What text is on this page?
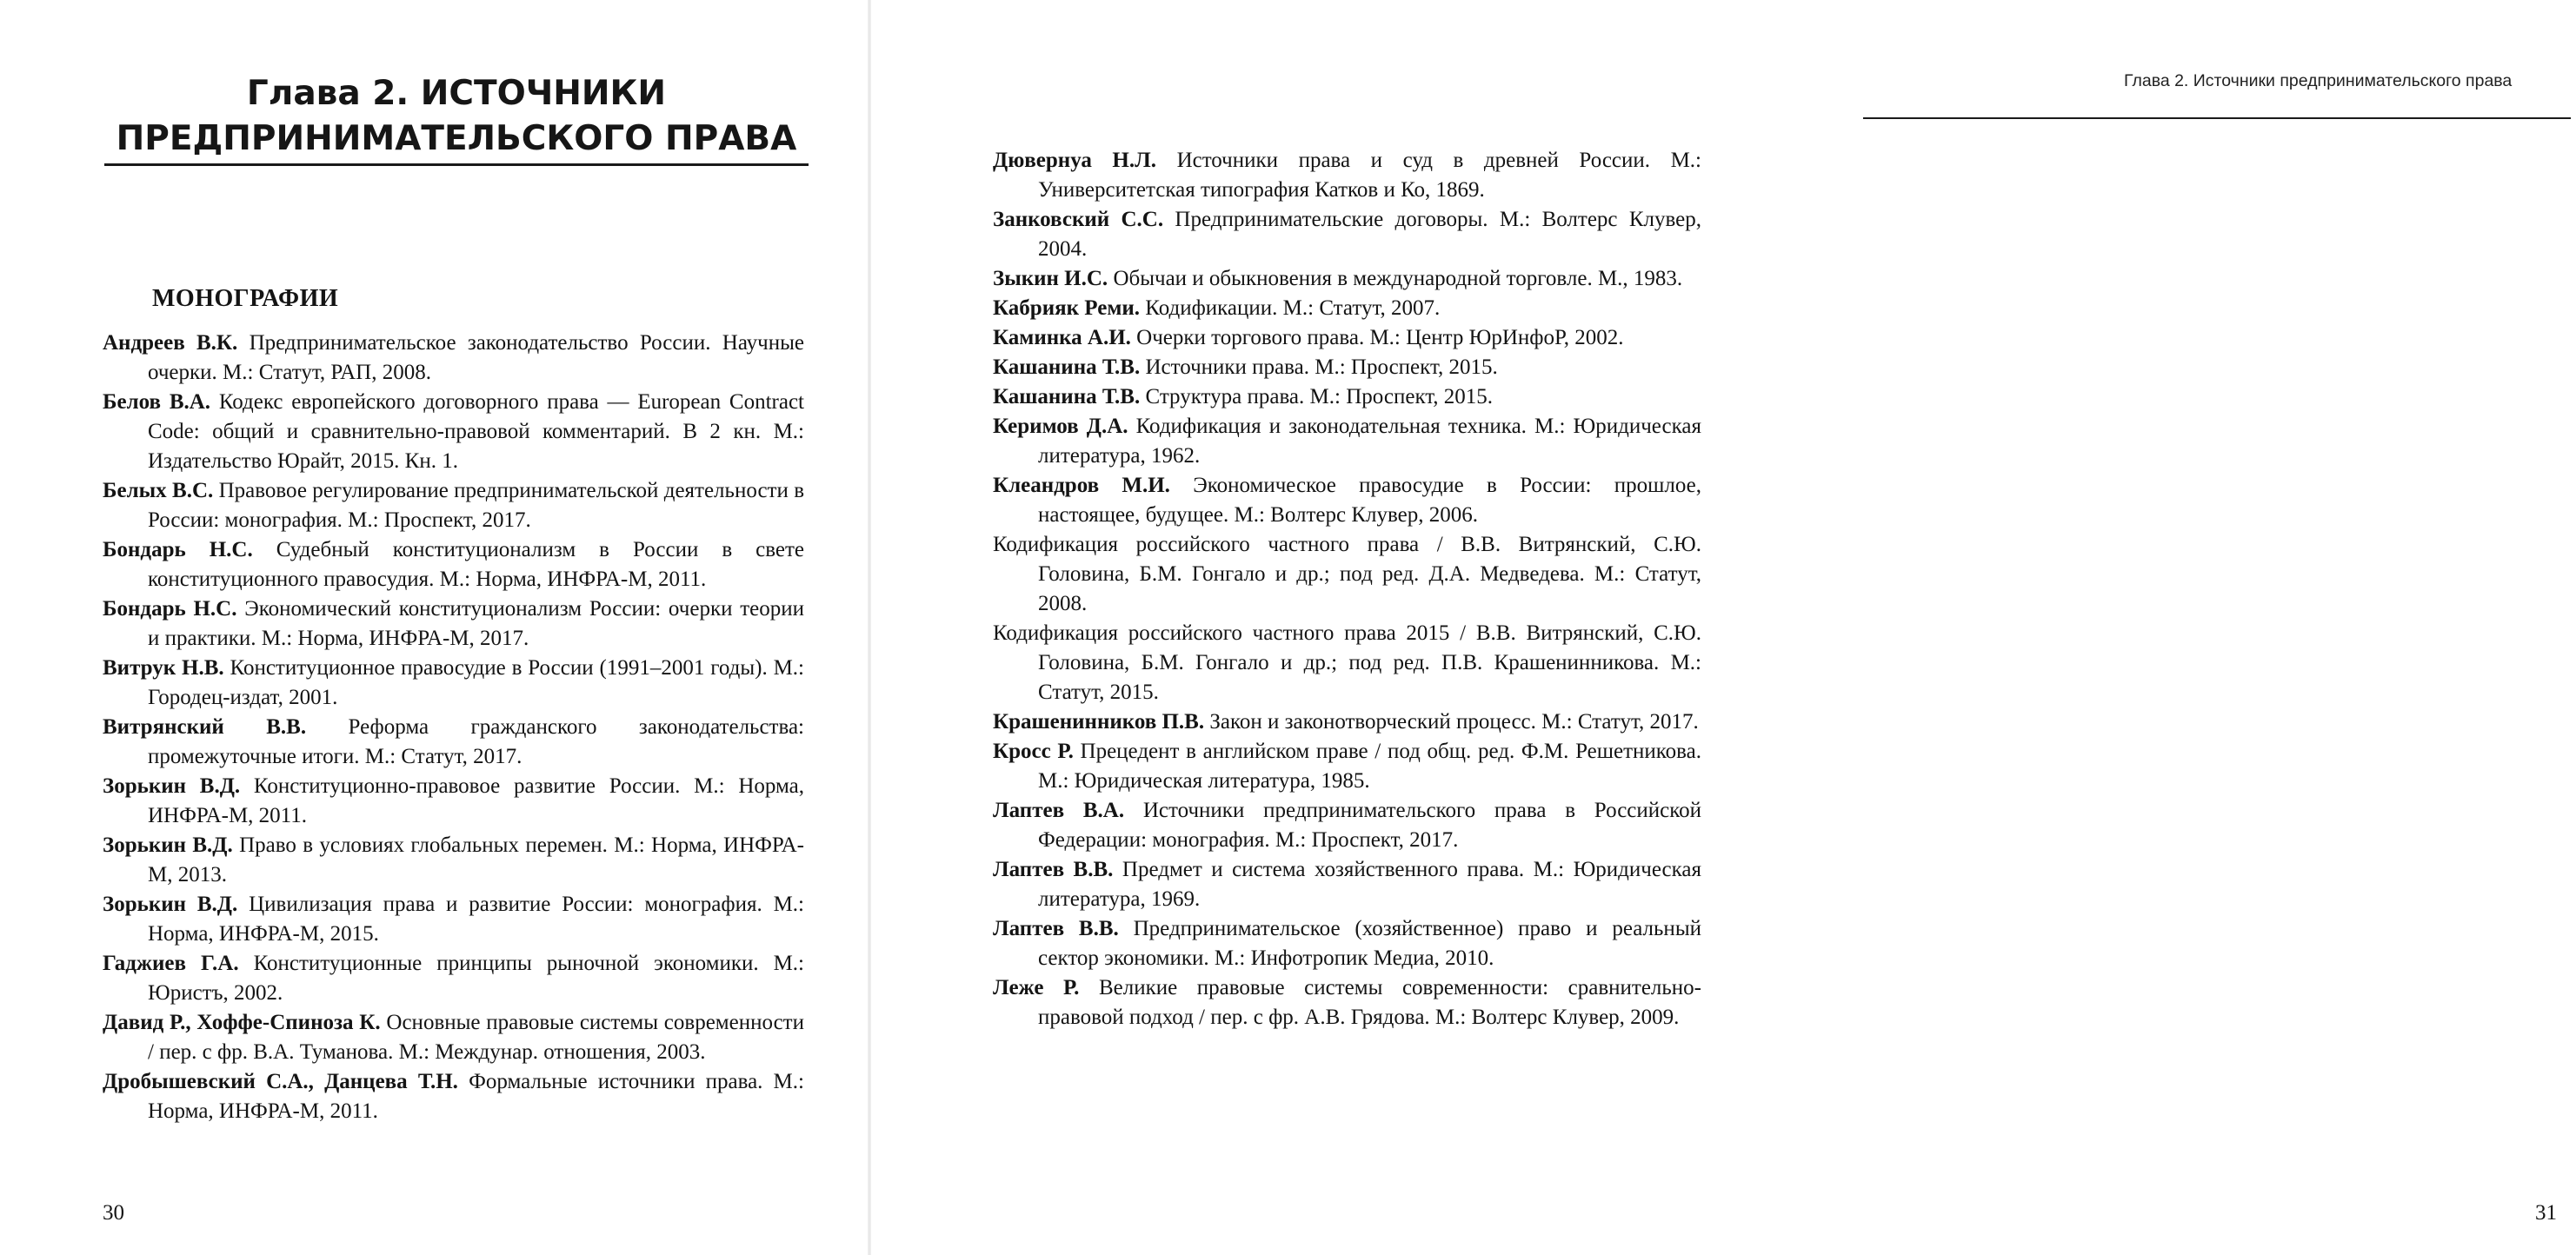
Глава 2. ИСТОЧНИКИ ПРЕДПРИНИМАТЕЛЬСКОГО ПРАВА
МОНОГРАФИИ
Андреев В.К. Предпринимательское законодательство России. Научные очерки. М.: Статут, РАП, 2008.
Белов В.А. Кодекс европейского договорного права — European Contract Code: общий и сравнительно-правовой комментарий. В 2 кн. М.: Издательство Юрайт, 2015. Кн. 1.
Белых В.С. Правовое регулирование предпринимательской деятельности в России: монография. М.: Проспект, 2017.
Бондарь Н.С. Судебный конституционализм в России в свете конституционного правосудия. М.: Норма, ИНФРА-М, 2011.
Бондарь Н.С. Экономический конституционализм России: очерки теории и практики. М.: Норма, ИНФРА-М, 2017.
Витрук Н.В. Конституционное правосудие в России (1991–2001 годы). М.: Городец-издат, 2001.
Витрянский В.В. Реформа гражданского законодательства: промежуточные итоги. М.: Статут, 2017.
Зорькин В.Д. Конституционно-правовое развитие России. М.: Норма, ИНФРА-М, 2011.
Зорькин В.Д. Право в условиях глобальных перемен. М.: Норма, ИНФРА-М, 2013.
Зорькин В.Д. Цивилизация права и развитие России: монография. М.: Норма, ИНФРА-М, 2015.
Гаджиев Г.А. Конституционные принципы рыночной экономики. М.: Юристъ, 2002.
Давид Р., Хоффе-Спиноза К. Основные правовые системы современности / пер. с фр. В.А. Туманова. М.: Междунар. отношения, 2003.
Дробышевский С.А., Данцева Т.Н. Формальные источники права. М.: Норма, ИНФРА-М, 2011.
30
Глава 2. Источники предпринимательского права
Дювернуа Н.Л. Источники права и суд в древней России. М.: Университетская типография Катков и Ко, 1869.
Занковский С.С. Предпринимательские договоры. М.: Волтерс Клувер, 2004.
Зыкин И.С. Обычаи и обыкновения в международной торговле. М., 1983.
Кабрияк Реми. Кодификации. М.: Статут, 2007.
Каминка А.И. Очерки торгового права. М.: Центр ЮрИнфоР, 2002.
Кашанина Т.В. Источники права. М.: Проспект, 2015.
Кашанина Т.В. Структура права. М.: Проспект, 2015.
Керимов Д.А. Кодификация и законодательная техника. М.: Юридическая литература, 1962.
Клеандров М.И. Экономическое правосудие в России: прошлое, настоящее, будущее. М.: Волтерс Клувер, 2006.
Кодификация российского частного права / В.В. Витрянский, С.Ю. Головина, Б.М. Гонгало и др.; под ред. Д.А. Медведева. М.: Статут, 2008.
Кодификация российского частного права 2015 / В.В. Витрянский, С.Ю. Головина, Б.М. Гонгало и др.; под ред. П.В. Крашенинникова. М.: Статут, 2015.
Крашенинников П.В. Закон и законотворческий процесс. М.: Статут, 2017.
Кросс Р. Прецедент в английском праве / под общ. ред. Ф.М. Решетникова. М.: Юридическая литература, 1985.
Лаптев В.А. Источники предпринимательского права в Российской Федерации: монография. М.: Проспект, 2017.
Лаптев В.В. Предмет и система хозяйственного права. М.: Юридическая литература, 1969.
Лаптев В.В. Предпринимательское (хозяйственное) право и реальный сектор экономики. М.: Инфотропик Медиа, 2010.
Леже Р. Великие правовые системы современности: сравнительно-правовой подход / пер. с фр. А.В. Грядова. М.: Волтерс Клувер, 2009.
31
